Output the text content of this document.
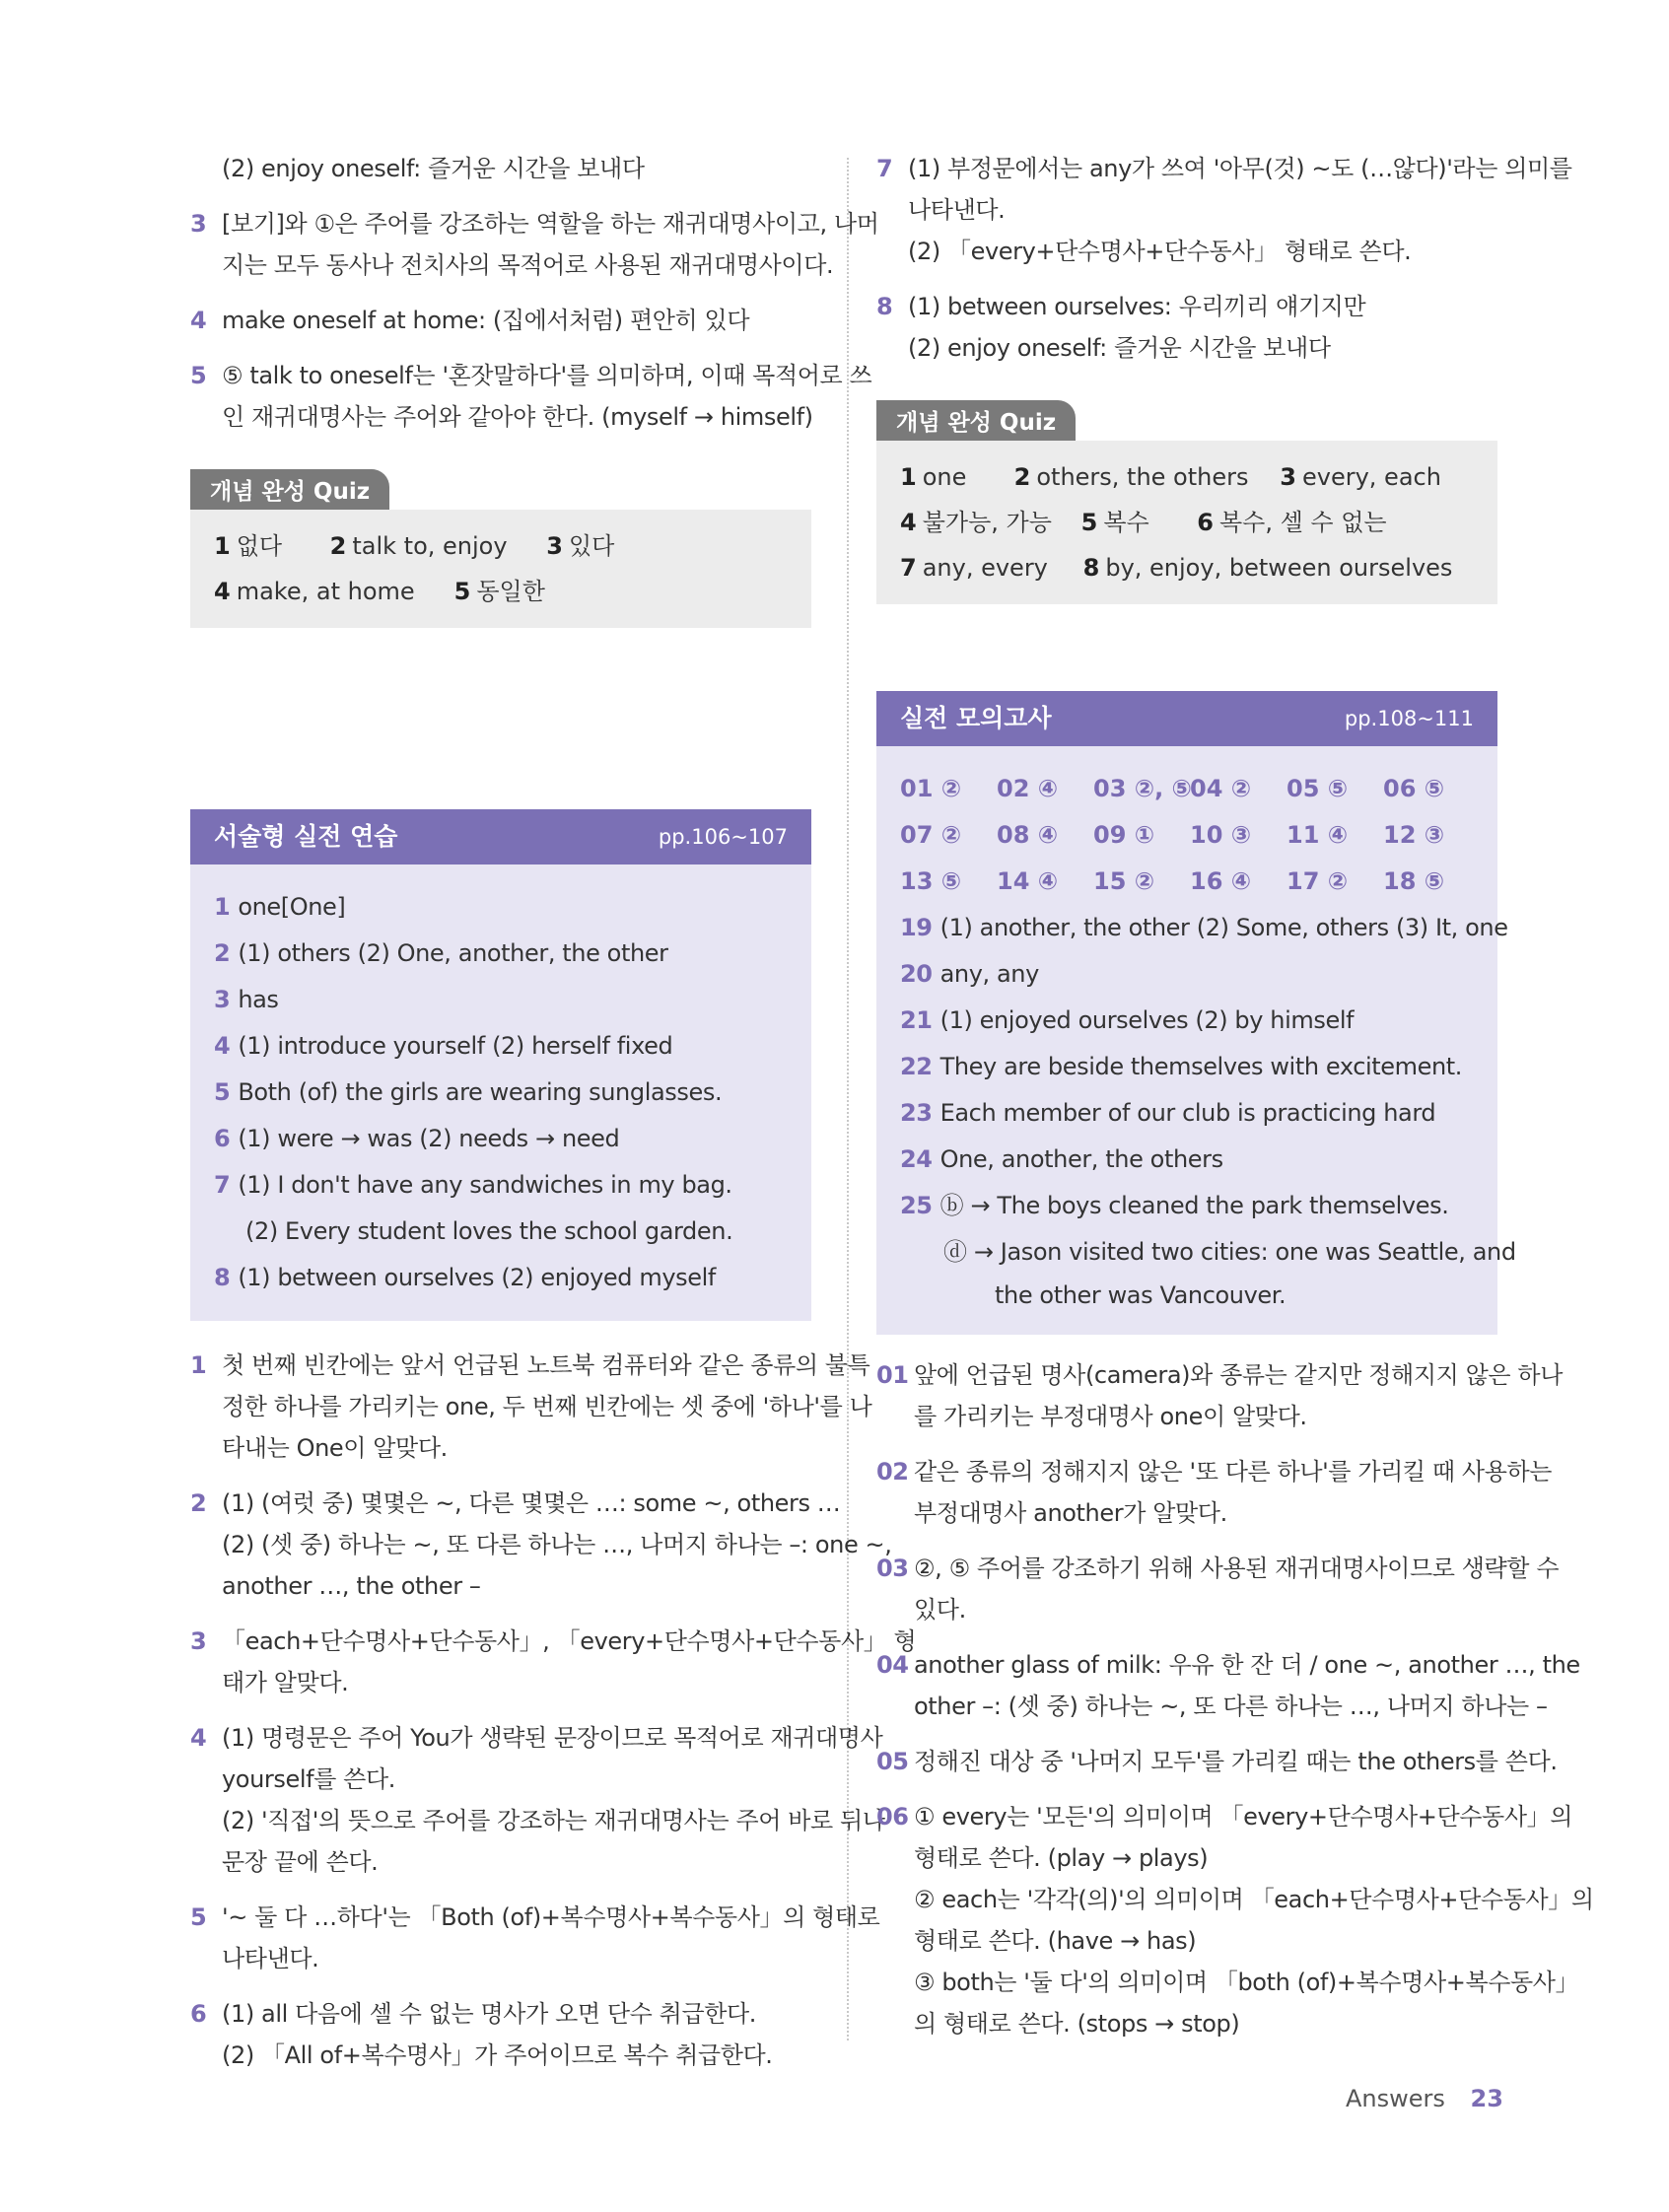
(2) enjoy oneself: 즐거운 시간을 보내다
3 [보기]와 ①은 주어를 강조하는 역할을 하는 재귀대명사이고, 나머
지는 모두 동사나 전치사의 목적어로 사용된 재귀대명사이다.
4 make oneself at home: (집에서처럼) 편안히 있다
5 ⑤ talk to oneself는 '혼잣말하다'를 의미하며, 이때 목적어로 쓰
인 재귀대명사는 주어와 같아야 한다. (myself → himself)
개념 완성 Quiz
1 없다 2 talk to, enjoy 3 있다
4 make, at home 5 동일한
서술형 실전 연습	pp.106~107
1 one[One]
2 (1) others (2) One, another, the other
3 has
4 (1) introduce yourself (2) herself fixed
5 Both (of) the girls are wearing sunglasses.
6 (1) were → was (2) needs → need
7 (1) I don't have any sandwiches in my bag.
(2) Every student loves the school garden.
8 (1) between ourselves (2) enjoyed myself
1 첫 번째 빈칸에는 앞서 언급된 노트북 컴퓨터와 같은 종류의 불특
정한 하나를 가리키는 one, 두 번째 빈칸에는 셋 중에 '하나'를 나
타내는 One이 알맞다.
2 (1) (여럿 중) 몇몇은 ~, 다른 몇몇은 …: some ~, others …
(2) (셋 중) 하나는 ~, 또 다른 하나는 …, 나머지 하나는 –: one ~,
another …, the other –
3 「each+단수명사+단수동사」, 「every+단수명사+단수동사」 형
태가 알맞다.
4 (1) 명령문은 주어 You가 생략된 문장이므로 목적어로 재귀대명사
yourself를 쓴다.
(2) '직접'의 뜻으로 주어를 강조하는 재귀대명사는 주어 바로 뒤나
문장 끝에 쓴다.
5 '~ 둘 다 …하다'는 「Both (of)+복수명사+복수동사」의 형태로
나타낸다.
6 (1) all 다음에 셀 수 없는 명사가 오면 단수 취급한다.
(2) 「All of+복수명사」가 주어이므로 복수 취급한다.
7 (1) 부정문에서는 any가 쓰여 '아무(것) ~도 (…않다)'라는 의미를
나타낸다.
(2) 「every+단수명사+단수동사」 형태로 쓴다.
8 (1) between ourselves: 우리끼리 얘기지만
(2) enjoy oneself: 즐거운 시간을 보내다
개념 완성 Quiz
1 one 2 others, the others 3 every, each
4 불가능, 가능 5 복수 6 복수, 셀 수 없는
7 any, every 8 by, enjoy, between ourselves
실전 모의고사	pp.108~111
01 ② 02 ④ 03 ②, ⑤04 ② 05 ⑤ 06 ⑤
07 ② 08 ④ 09 ① 10 ③ 11 ④ 12 ③
13 ⑤ 14 ④ 15 ② 16 ④ 17 ② 18 ⑤
19 (1) another, the other (2) Some, others (3) It, one
20 any, any
21 (1) enjoyed ourselves (2) by himself
22 They are beside themselves with excitement.
23 Each member of our club is practicing hard
24 One, another, the others
25 ⓑ → The boys cleaned the park themselves.
ⓓ → Jason visited two cities: one was Seattle, and
the other was Vancouver.
01 앞에 언급된 명사(camera)와 종류는 같지만 정해지지 않은 하나
를 가리키는 부정대명사 one이 알맞다.
02 같은 종류의 정해지지 않은 '또 다른 하나'를 가리킬 때 사용하는
부정대명사 another가 알맞다.
03 ②, ⑤ 주어를 강조하기 위해 사용된 재귀대명사이므로 생략할 수
있다.
04 another glass of milk: 우유 한 잔 더 / one ~, another …, the
other –: (셋 중) 하나는 ~, 또 다른 하나는 …, 나머지 하나는 –
05 정해진 대상 중 '나머지 모두'를 가리킬 때는 the others를 쓴다.
06 ① every는 '모든'의 의미이며 「every+단수명사+단수동사」의
형태로 쓴다. (play → plays)
② each는 '각각(의)'의 의미이며 「each+단수명사+단수동사」의
형태로 쓴다. (have → has)
③ both는 '둘 다'의 의미이며 「both (of)+복수명사+복수동사」
의 형태로 쓴다. (stops → stop)
Answers 23
